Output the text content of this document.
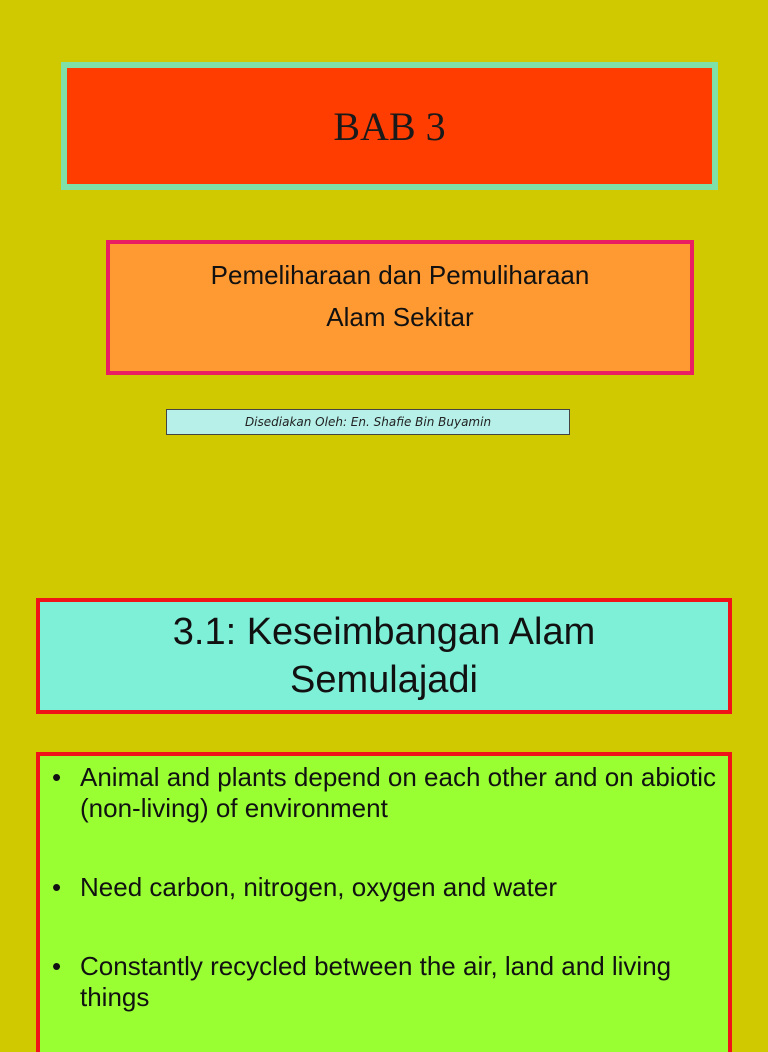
BAB 3
Pemeliharaan dan Pemuliharaan
Alam Sekitar
Disediakan Oleh: En. Shafie Bin Buyamin
3.1: Keseimbangan Alam
Semulajadi
• Animal and plants depend on each other and on abiotic (non-living) of environment
• Need carbon, nitrogen, oxygen and water
• Constantly recycled between the air, land and living things
